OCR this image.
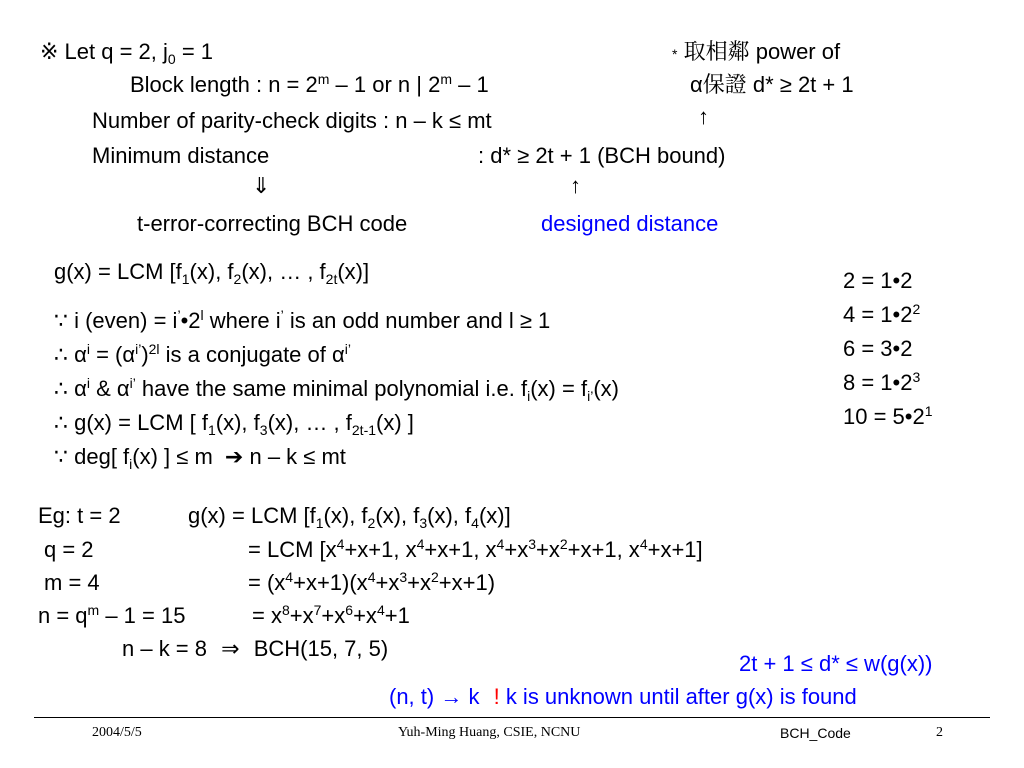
※ Let q = 2, $j_0 = 1$
Block length : $n = 2^m - 1$ or n | 2$^m$ – 1
Number of parity-check digits : n – k ≤ mt
Minimum distance	: d* ≥ 2t + 1 (BCH bound)
⇓	↑
t-error-correcting BCH code	designed distance
* 取相鄰 power of
α保證 d* ≥ 2t + 1
↑
g(x) = LCM [$f_1(x)$, $f_2(x)$, … , $f_{2t}(x)$]
∵ i (even) = $i^’•2^l$ where i’ is an odd number and l ≥ 1
∴ $\alpha^i = (\alpha^{i’})^{2l}$ is a conjugate of $\alpha^{i’}$
∴ $\alpha^i$ & $\alpha^{i’}$ have the same minimal polynomial i.e. $f_i(x) = f_{i’}(x)$
∴ g(x) = LCM [ $f_1(x)$, $f_3(x)$, … , $f_{2t-1}(x)$ ]
∵ deg[ $f_i(x)$ ] ≤ m ➔ n – k ≤ mt
2 = 1•2
$4 = 1•2^2$
6 = 3•2
$8 = 1•2^3$
$10 = 5•2^1$
Eg: t = 2	g(x) = LCM [$f_1(x)$, $f_2(x)$, $f_3(x)$, $f_4(x)$]
q = 2	= LCM [$x^4+x+1$, $x^4+x+1$, $x^4+x^3+x^2+x+1$, $x^4+x+1$]
m = 4	= $(x^4+x+1)(x^4+x^3+x^2+x+1)$
$n = q^m - 1 = 15$	= $x^8+x^7+x^6+x^4+1$
n – k = 8 ⇒ BCH(15, 7, 5)
2t + 1 ≤ d* ≤ w(g(x))
(n, t) → k ! k is unknown until after g(x) is found
2004/5/5	Yuh-Ming Huang, CSIE, NCNU	BCH_Code	2
